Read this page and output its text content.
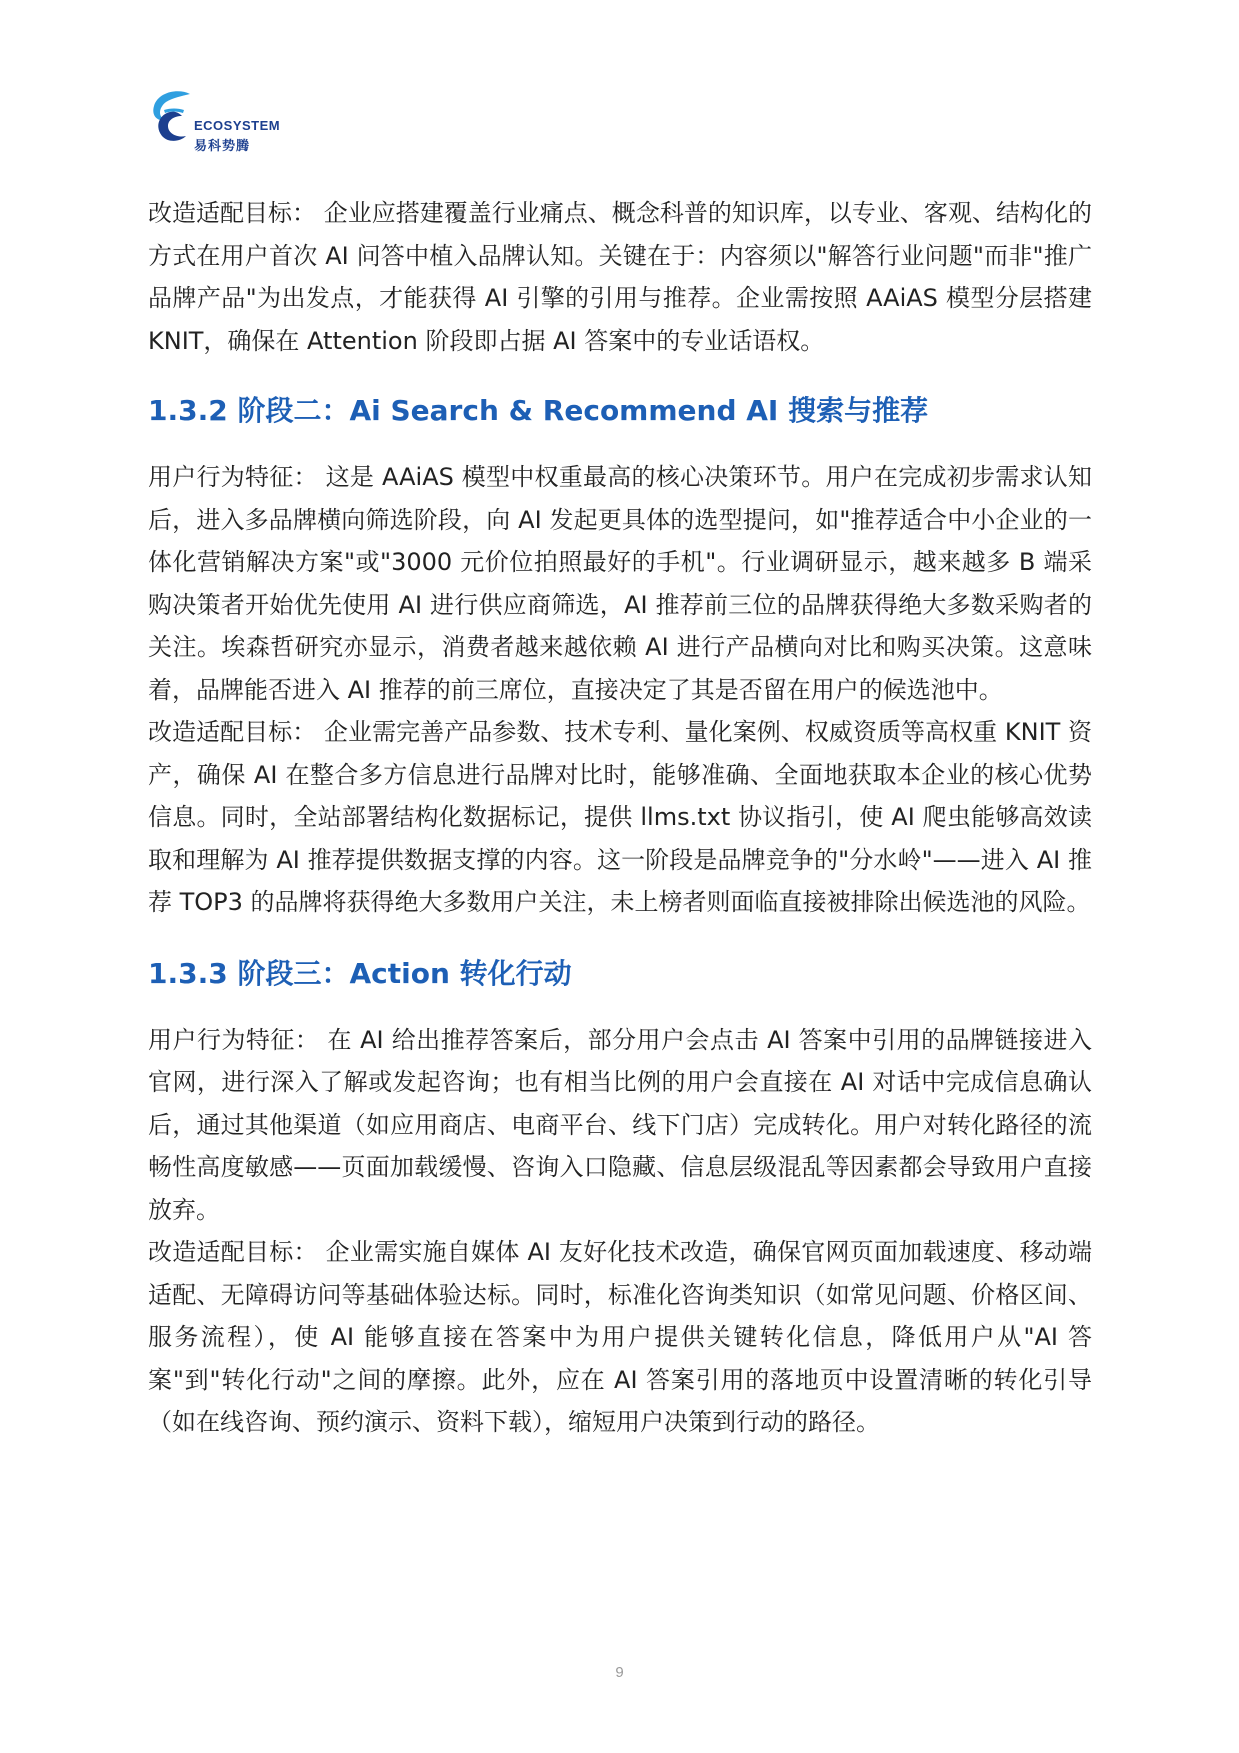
ECOSYSTEM
易科势腾

改造适配目标： 企业应搭建覆盖行业痛点、概念科普的知识库，以专业、客观、结构化的方式在用户首次 AI 问答中植入品牌认知。关键在于：内容须以"解答行业问题"而非"推广品牌产品"为出发点，才能获得 AI 引擎的引用与推荐。企业需按照 AAiAS 模型分层搭建 KNIT，确保在 Attention 阶段即占据 AI 答案中的专业话语权。

1.3.2 阶段二：Ai Search & Recommend AI 搜索与推荐

用户行为特征： 这是 AAiAS 模型中权重最高的核心决策环节。用户在完成初步需求认知后，进入多品牌横向筛选阶段，向 AI 发起更具体的选型提问，如"推荐适合中小企业的一体化营销解决方案"或"3000 元价位拍照最好的手机"。行业调研显示，越来越多 B 端采购决策者开始优先使用 AI 进行供应商筛选，AI 推荐前三位的品牌获得绝大多数采购者的关注。埃森哲研究亦显示，消费者越来越依赖 AI 进行产品横向对比和购买决策。这意味着，品牌能否进入 AI 推荐的前三席位，直接决定了其是否留在用户的候选池中。

改造适配目标： 企业需完善产品参数、技术专利、量化案例、权威资质等高权重 KNIT 资产，确保 AI 在整合多方信息进行品牌对比时，能够准确、全面地获取本企业的核心优势信息。同时，全站部署结构化数据标记，提供 llms.txt 协议指引，使 AI 爬虫能够高效读取和理解为 AI 推荐提供数据支撑的内容。这一阶段是品牌竞争的"分水岭"——进入 AI 推荐 TOP3 的品牌将获得绝大多数用户关注，未上榜者则面临直接被排除出候选池的风险。

1.3.3 阶段三：Action 转化行动

用户行为特征： 在 AI 给出推荐答案后，部分用户会点击 AI 答案中引用的品牌链接进入官网，进行深入了解或发起咨询；也有相当比例的用户会直接在 AI 对话中完成信息确认后，通过其他渠道（如应用商店、电商平台、线下门店）完成转化。用户对转化路径的流畅性高度敏感——页面加载缓慢、咨询入口隐藏、信息层级混乱等因素都会导致用户直接放弃。

改造适配目标： 企业需实施自媒体 AI 友好化技术改造，确保官网页面加载速度、移动端适配、无障碍访问等基础体验达标。同时，标准化咨询类知识（如常见问题、价格区间、服务流程），使 AI 能够直接在答案中为用户提供关键转化信息，降低用户从"AI 答案"到"转化行动"之间的摩擦。此外，应在 AI 答案引用的落地页中设置清晰的转化引导（如在线咨询、预约演示、资料下载），缩短用户决策到行动的路径。

9
